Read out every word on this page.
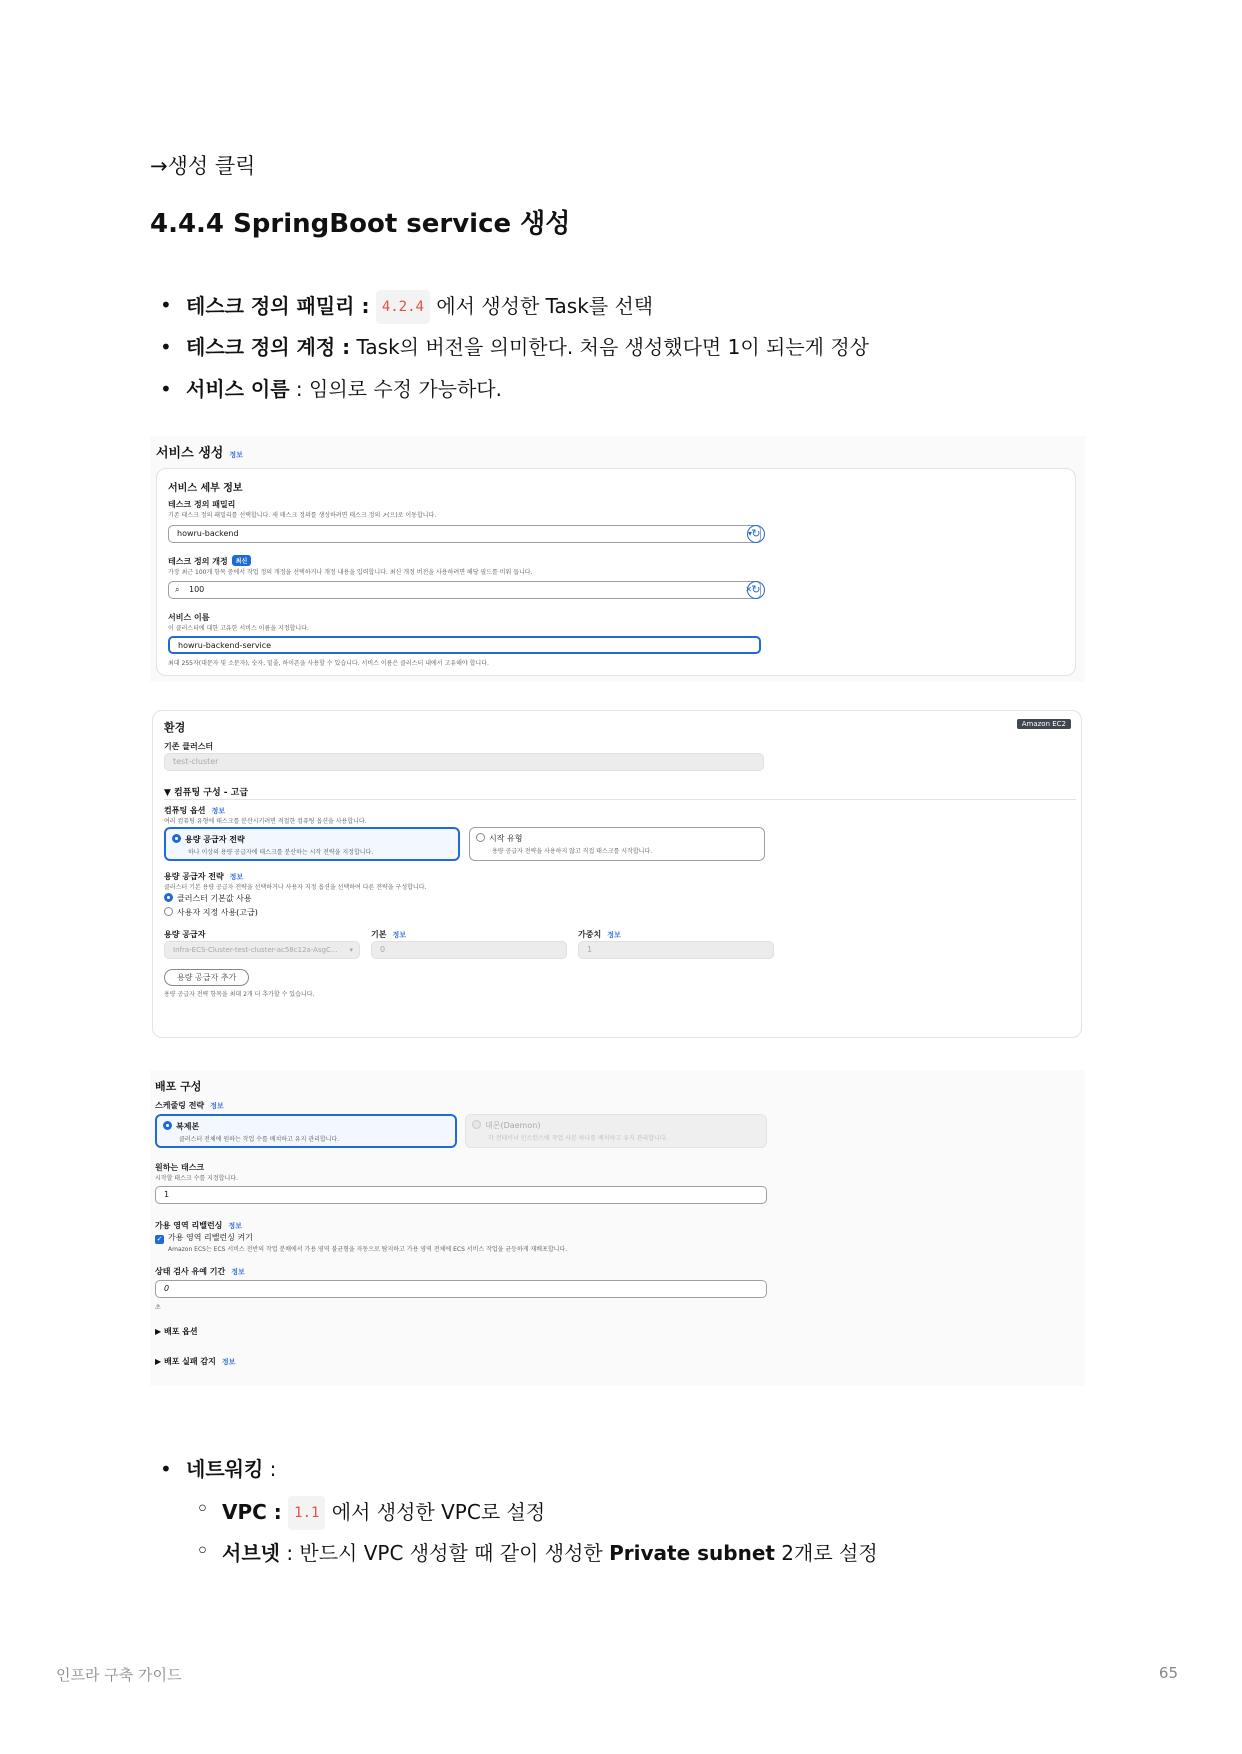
→생성 클릭
4.4.4 SpringBoot service 생성
• 테스크 정의 패밀리 : 4.2.4 에서 생성한 Task를 선택
• 테스크 정의 계정 : Task의 버전을 의미한다. 처음 생성했다면 1이 되는게 정상
• 서비스 이름 : 임의로 수정 가능하다.
서비스 생성 정보
서비스 세부 정보
테스크 정의 패밀리
기존 태스크 정의 패밀리를 선택합니다. 새 태스크 정의를 생성하려면 태스크 정의 ↗(으)로 이동합니다.
howru-backend	▾ ↻
테스크 정의 개정 최신
가장 최근 100개 항목 중에서 작업 정의 개정을 선택하거나 개정 내용을 입력합니다. 최신 개정 버전을 사용하려면 해당 필드를 비워 둡니다.
⌕ 100	✕ ↻
서비스 이름
이 클러스터에 대한 고유한 서비스 이름을 지정합니다.
howru-backend-service
최대 255자(대문자 및 소문자), 숫자, 밑줄, 하이픈을 사용할 수 있습니다. 서비스 이름은 클러스터 내에서 고유해야 합니다.
환경	Amazon EC2
기존 클러스터
test-cluster
▼ 컴퓨팅 구성 - 고급
컴퓨팅 옵션 정보
여러 컴퓨팅 유형에 태스크를 분산시키려면 적절한 컴퓨팅 옵션을 사용합니다.
용량 공급자 전략
하나 이상의 용량 공급자에 태스크를 분산하는 시작 전략을 지정합니다.
시작 유형
용량 공급자 전략을 사용하지 않고 직접 태스크를 시작합니다.
용량 공급자 전략 정보
클러스터 기본 용량 공급자 전략을 선택하거나 사용자 지정 옵션을 선택하여 다른 전략을 구성합니다.
클러스터 기본값 사용
사용자 지정 사용(고급)
용량 공급자
Infra-ECS-Cluster-test-cluster-ac58c12a-AsgC... ▾
기본 정보
0
가중치 정보
1
용량 공급자 추가
용량 공급자 전략 항목을 최대 2개 더 추가할 수 있습니다.
배포 구성
스케줄링 전략 정보
복제본
클러스터 전체에 원하는 작업 수를 배치하고 유지 관리합니다.
대몬(Daemon)
각 컨테이너 인스턴스에 작업 사본 하나를 배치하고 유지 관리합니다.
원하는 태스크
시작할 태스크 수를 지정합니다.
1
가용 영역 리밸런싱 정보
✓ 가용 영역 리밸런싱 켜기
Amazon ECS는 ECS 서비스 전반의 작업 분배에서 가용 영역 불균형을 자동으로 탐지하고 가용 영역 전체에 ECS 서비스 작업을 균등하게 재배포합니다.
상태 검사 유예 기간 정보
0
초
▶ 배포 옵션
▶ 배포 실패 감지 정보
• 네트워킹 :
◦ VPC : 1.1 에서 생성한 VPC로 설정
◦ 서브넷 : 반드시 VPC 생성할 때 같이 생성한 Private subnet 2개로 설정
인프라 구축 가이드	65
